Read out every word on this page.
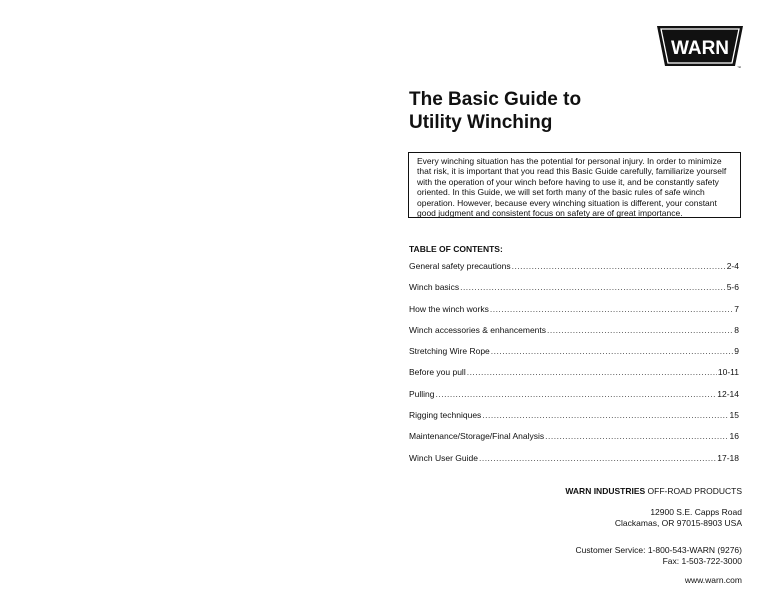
WARN
™
The Basic Guide to
Utility Winching
Every winching situation has the potential for personal injury. In order to minimize that risk, it is important that you read this Basic Guide carefully, familiarize yourself with the operation of your winch before having to use it, and be constantly safety oriented. In this Guide, we will set forth many of the basic rules of safe winch operation. However, because every winching situation is different, your constant good judgment and consistent focus on safety are of great importance.
TABLE OF CONTENTS:
General safety precautions .....	2-4
Winch basics .....	5-6
How the winch works .....	7
Winch accessories & enhancements .....	8
Stretching Wire Rope .....	9
Before you pull .....	10-11
Pulling .....	12-14
Rigging techniques .....	15
Maintenance/Storage/Final Analysis .....	16
Winch User Guide .....	17-18
WARN INDUSTRIES OFF-ROAD PRODUCTS
12900 S.E. Capps Road
Clackamas, OR 97015-8903 USA
Customer Service: 1-800-543-WARN (9276)
Fax: 1-503-722-3000
www.warn.com
